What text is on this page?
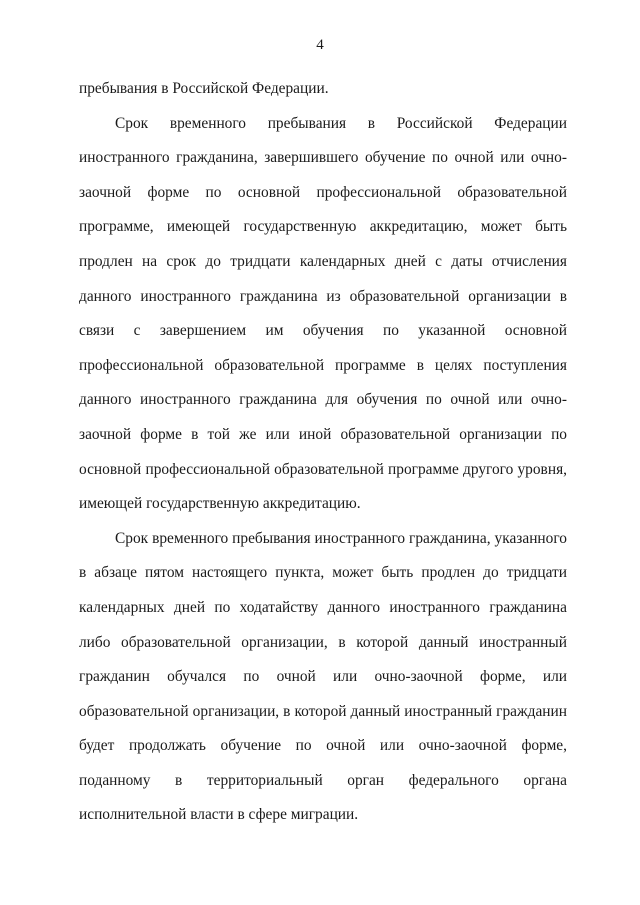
4

пребывания в Российской Федерации.

Срок временного пребывания в Российской Федерации иностранного гражданина, завершившего обучение по очной или очно-заочной форме по основной профессиональной образовательной программе, имеющей государственную аккредитацию, может быть продлен на срок до тридцати календарных дней с даты отчисления данного иностранного гражданина из образовательной организации в связи с завершением им обучения по указанной основной профессиональной образовательной программе в целях поступления данного иностранного гражданина для обучения по очной или очно-заочной форме в той же или иной образовательной организации по основной профессиональной образовательной программе другого уровня, имеющей государственную аккредитацию.

Срок временного пребывания иностранного гражданина, указанного в абзаце пятом настоящего пункта, может быть продлен до тридцати календарных дней по ходатайству данного иностранного гражданина либо образовательной организации, в которой данный иностранный гражданин обучался по очной или очно-заочной форме, или образовательной организации, в которой данный иностранный гражданин будет продолжать обучение по очной или очно-заочной форме, поданному в территориальный орган федерального органа исполнительной власти в сфере миграции.
